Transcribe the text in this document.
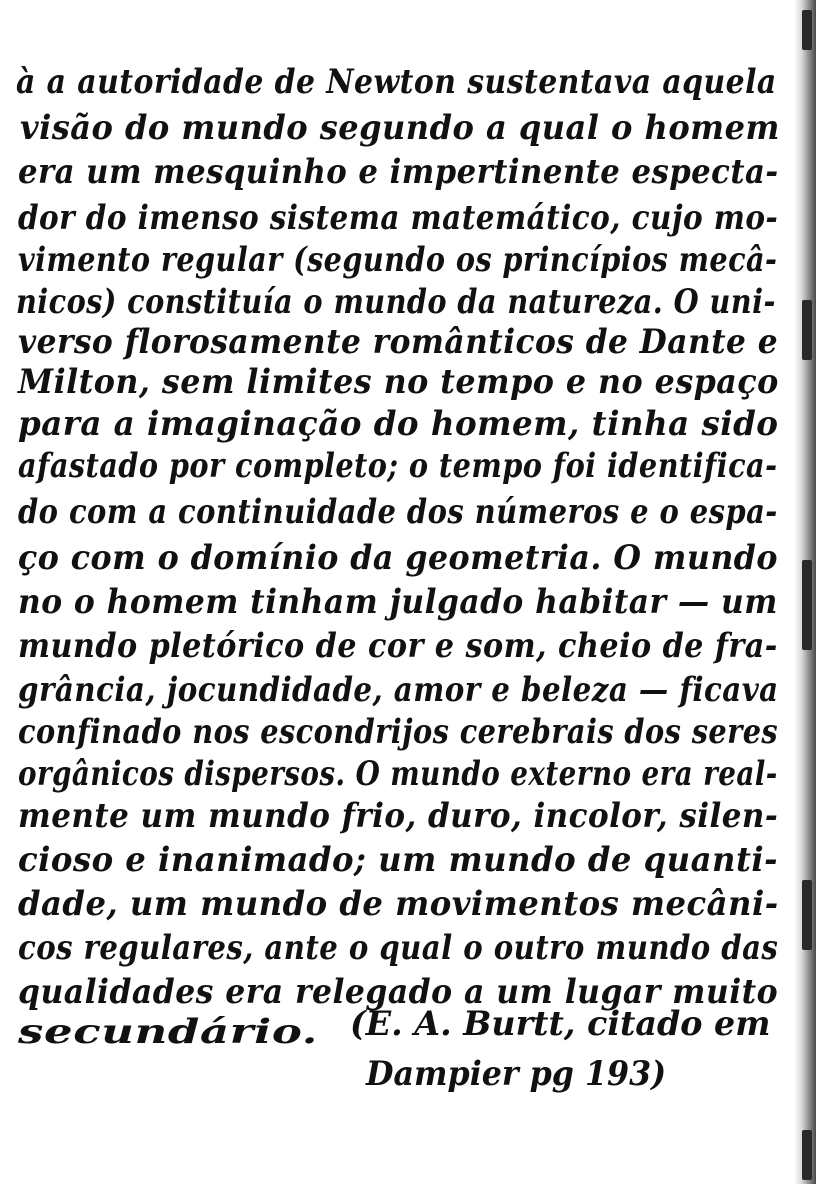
à a autoridade de Newton sustentava aquela
visão do mundo segundo a qual o homem
era um mesquinho e impertinente especta-
dor do imenso sistema matemático, cujo mo-
vimento regular (segundo os princípios mecâ-
nicos) constituía o mundo da natureza. O uni-
verso florosamente românticos de Dante e
Milton, sem limites no tempo e no espaço
para a imaginação do homem, tinha sido
afastado por completo; o tempo foi identifica-
do com a continuidade dos números e o espa-
ço com o domínio da geometria. O mundo
no o homem tinham julgado habitar — um
mundo pletórico de cor e som, cheio de fra-
grância, jocundidade, amor e beleza — ficava
confinado nos escondrijos cerebrais dos seres
orgânicos dispersos. O mundo externo era real-
mente um mundo frio, duro, incolor, silen-
cioso e inanimado; um mundo de quanti-
dade, um mundo de movimentos mecâni-
cos regulares, ante o qual o outro mundo das
qualidades era relegado a um lugar muito
secundário. (E. A. Burtt, citado em
Dampier pg 193)
